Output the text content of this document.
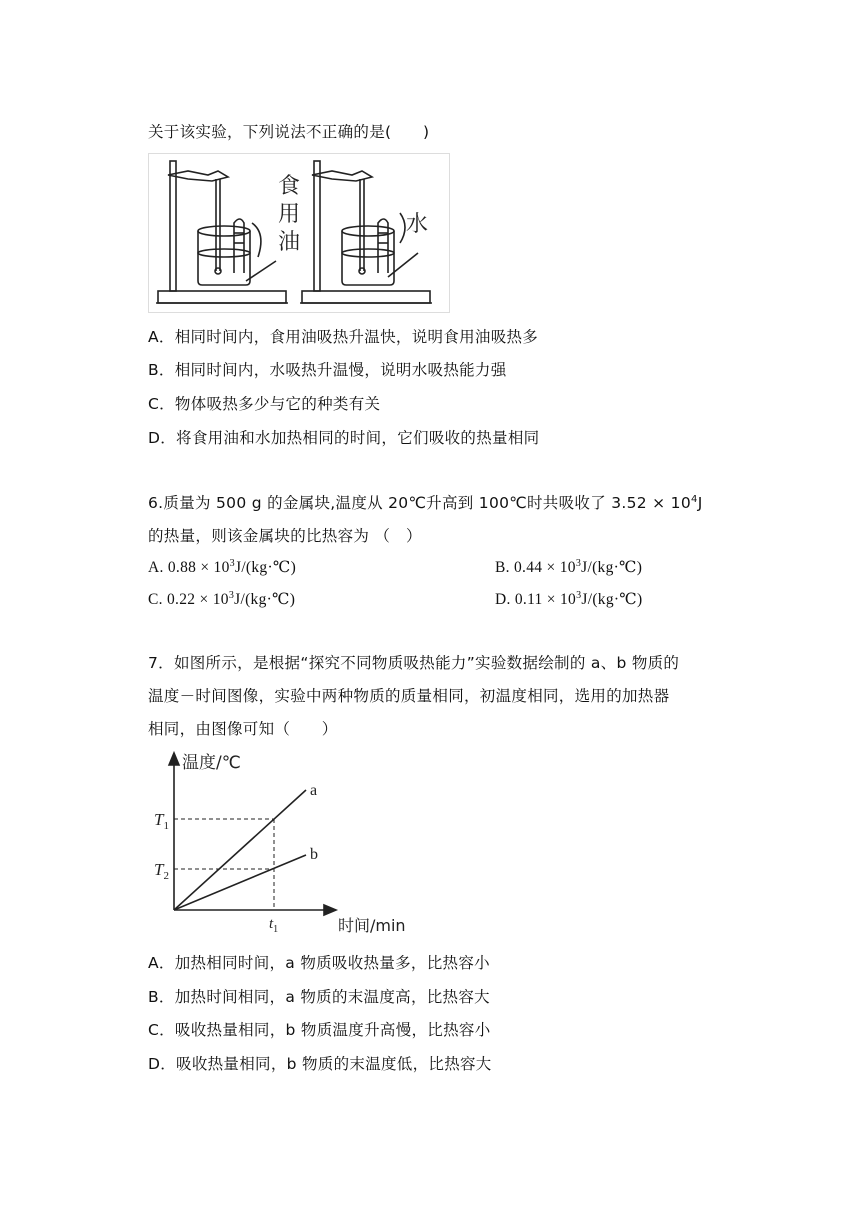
关于该实验，下列说法不正确的是(　　)
食
用
油
水
A．相同时间内，食用油吸热升温快，说明食用油吸热多
B．相同时间内，水吸热升温慢，说明水吸热能力强
C．物体吸热多少与它的种类有关
D．将食用油和水加热相同的时间，它们吸收的热量相同
6.质量为 500 g 的金属块,温度从 20℃升高到 100℃时共吸收了 $3.52 \times 10^4J$
的热量，则该金属块的比热容为 （　）
A. $0.88 \times 10^3J/(kg\cdot℃)$	B. $0.44 \times 10^3J/(kg\cdot℃)$
C. $0.22 \times 10^3J/(kg\cdot℃)$	D. $0.11 \times 10^3J/(kg\cdot℃)$
7．如图所示，是根据“探究不同物质吸热能力”实验数据绘制的 a、b 物质的
温度－时间图像，实验中两种物质的质量相同，初温度相同，选用的加热器
相同，由图像可知（　　）
温度/℃
时间/min
a
b
$T_1$
$T_2$
$t_1$
A．加热相同时间，a 物质吸收热量多，比热容小
B．加热时间相同，a 物质的末温度高，比热容大
C．吸收热量相同，b 物质温度升高慢，比热容小
D．吸收热量相同，b 物质的末温度低，比热容大
